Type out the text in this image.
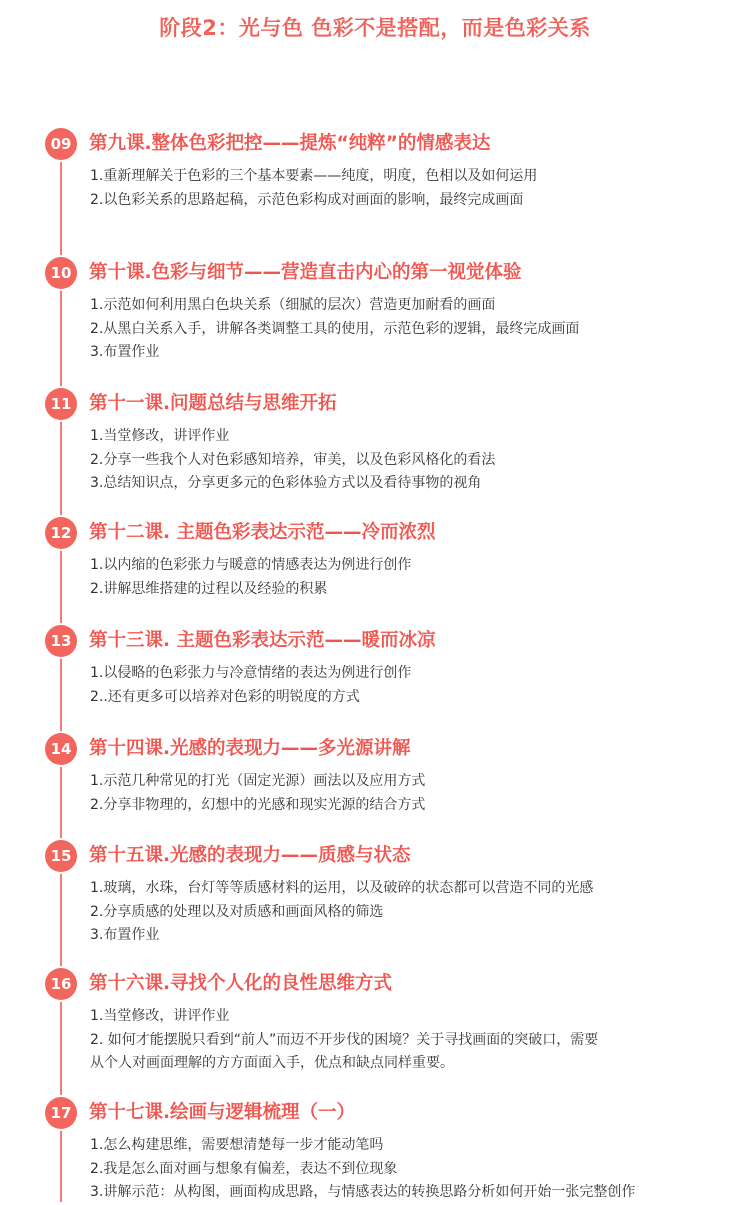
阶段2：光与色 色彩不是搭配，而是色彩关系
09 第九课.整体色彩把控——提炼“纯粹”的情感表达
1.重新理解关于色彩的三个基本要素——纯度，明度，色相以及如何运用
2.以色彩关系的思路起稿，示范色彩构成对画面的影响，最终完成画面
10 第十课.色彩与细节——营造直击内心的第一视觉体验
1.示范如何利用黑白色块关系（细腻的层次）营造更加耐看的画面
2.从黑白关系入手，讲解各类调整工具的使用，示范色彩的逻辑，最终完成画面
3.布置作业
11 第十一课.问题总结与思维开拓
1.当堂修改，讲评作业
2.分享一些我个人对色彩感知培养，审美，以及色彩风格化的看法
3.总结知识点，分享更多元的色彩体验方式以及看待事物的视角
12 第十二课. 主题色彩表达示范——冷而浓烈
1.以内缩的色彩张力与暖意的情感表达为例进行创作
2.讲解思维搭建的过程以及经验的积累
13 第十三课. 主题色彩表达示范——暖而冰凉
1.以侵略的色彩张力与冷意情绪的表达为例进行创作
2..还有更多可以培养对色彩的明锐度的方式
14 第十四课.光感的表现力——多光源讲解
1.示范几种常见的打光（固定光源）画法以及应用方式
2.分享非物理的，幻想中的光感和现实光源的结合方式
15 第十五课.光感的表现力——质感与状态
1.玻璃，水珠，台灯等等质感材料的运用，以及破碎的状态都可以营造不同的光感
2.分享质感的处理以及对质感和画面风格的筛选
3.布置作业
16 第十六课.寻找个人化的良性思维方式
1.当堂修改，讲评作业
2. 如何才能摆脱只看到“前人”而迈不开步伐的困境？关于寻找画面的突破口，需要
从个人对画面理解的方方面面入手，优点和缺点同样重要。
17 第十七课.绘画与逻辑梳理（一）
1.怎么构建思维，需要想清楚每一步才能动笔吗
2.我是怎么面对画与想象有偏差，表达不到位现象
3.讲解示范：从构图，画面构成思路，与情感表达的转换思路分析如何开始一张完整创作
